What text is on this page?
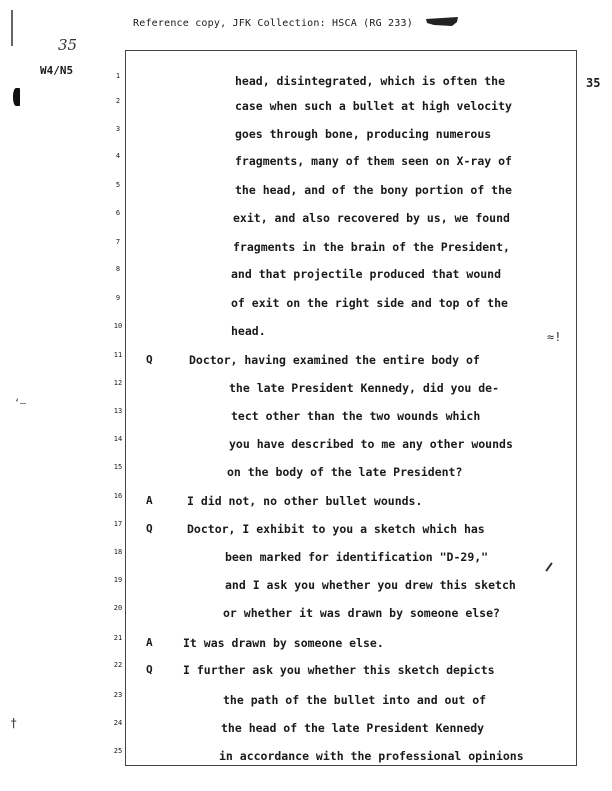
Reference copy, JFK Collection: HSCA (RG 233)
35
W4/N5
35
‘—
†
≈!
1	head, disintegrated, which is often the
2	case when such a bullet at high velocity
3	goes through bone, producing numerous
4	fragments, many of them seen on X-ray of
5	the head, and of the bony portion of the
6	exit, and also recovered by us, we found
7	fragments in the brain of the President,
8	and that projectile produced that wound
9	of exit on the right side and top of the
10	head.
11	Q	Doctor, having examined the entire body of
12	the late President Kennedy, did you de-
13	tect other than the two wounds which
14	you have described to me any other wounds
15	on the body of the late President?
16	A	I did not, no other bullet wounds.
17	Q	Doctor, I exhibit to you a sketch which has
18	been marked for identification "D-29,"
19	and I ask you whether you drew this sketch
20	or whether it was drawn by someone else?
21	A	It was drawn by someone else.
22	Q	I further ask you whether this sketch depicts
23	the path of the bullet into and out of
24	the head of the late President Kennedy
25	in accordance with the professional opinions
